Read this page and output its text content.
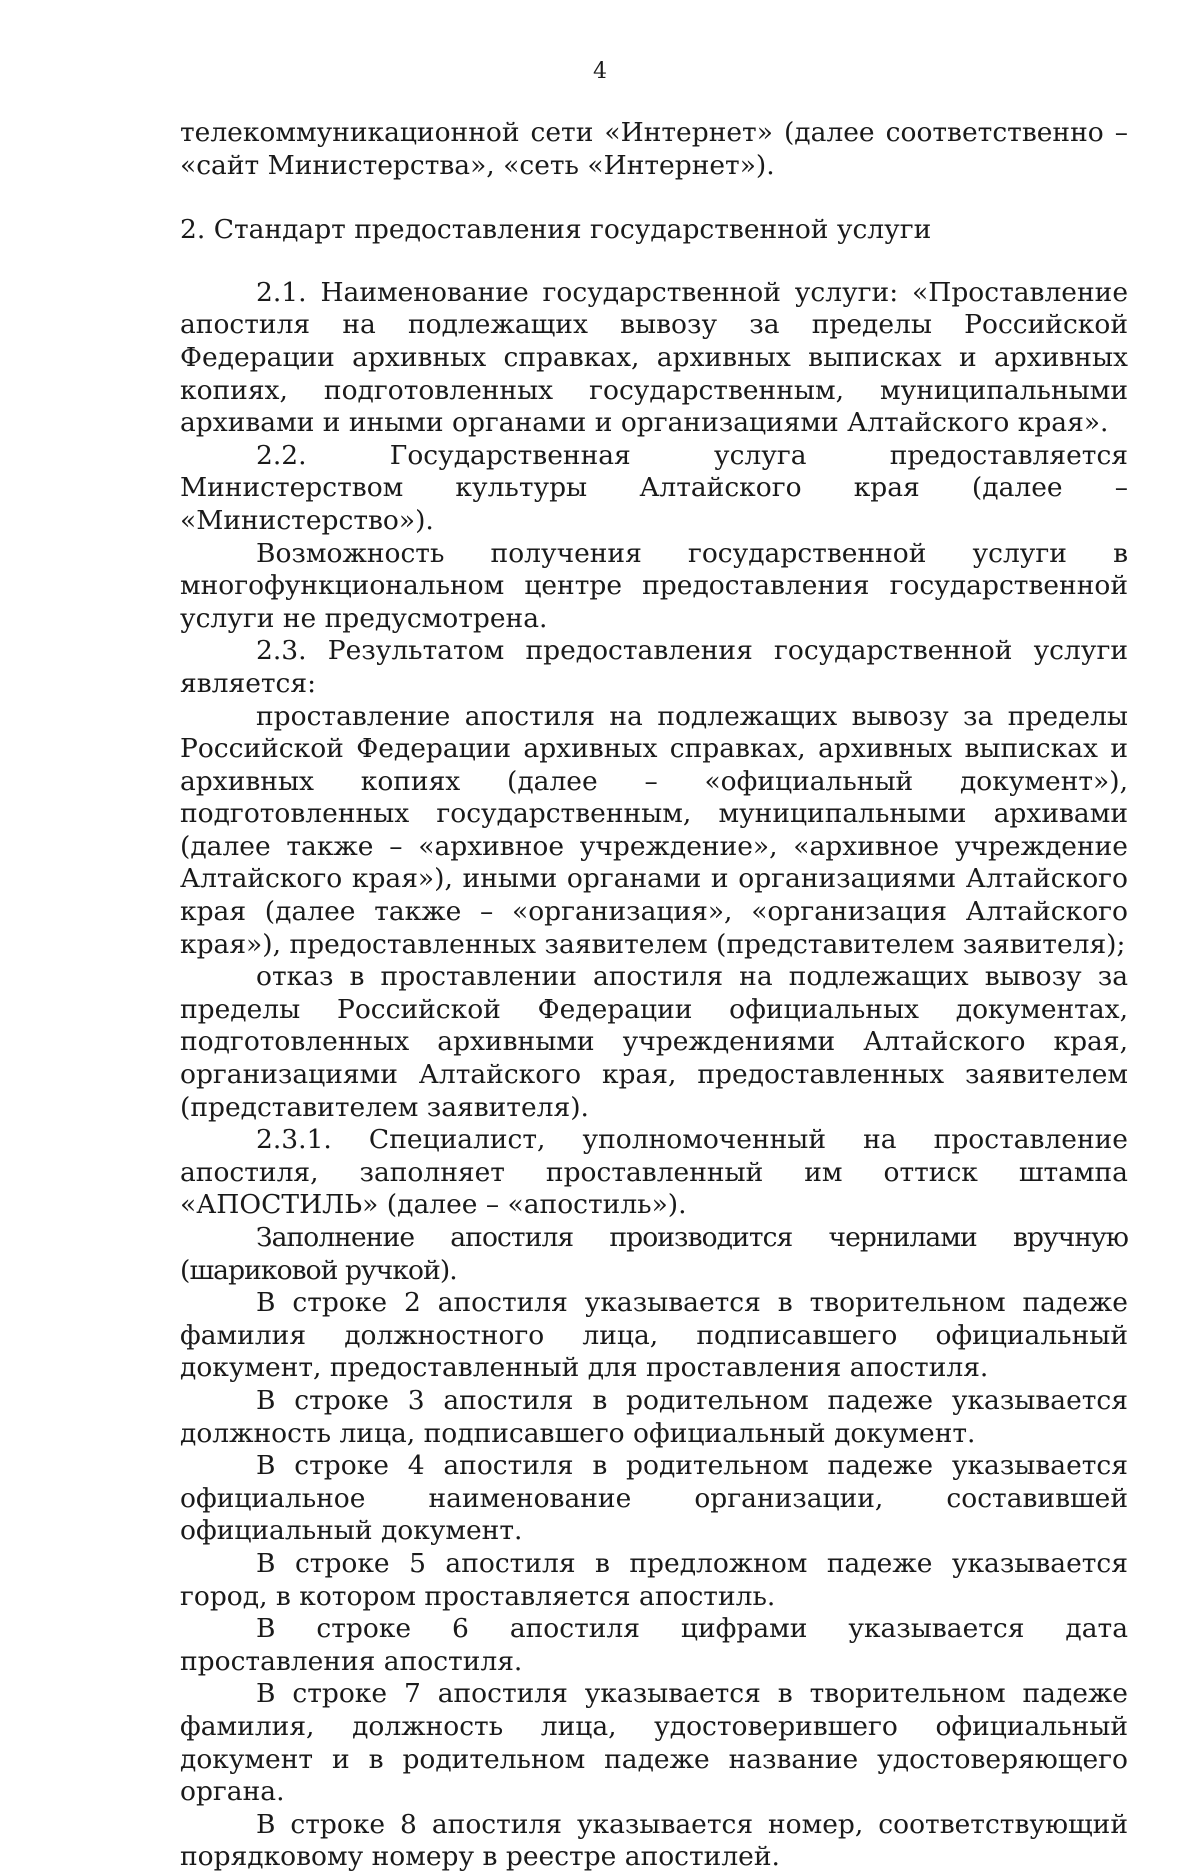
4

телекоммуникационной сети «Интернет» (далее соответственно – «сайт Министерства», «сеть «Интернет»).

2. Стандарт предоставления государственной услуги

2.1. Наименование государственной услуги: «Проставление апостиля на подлежащих вывозу за пределы Российской Федерации архивных справках, архивных выписках и архивных копиях, подготовленных государственным, муниципальными архивами и иными органами и организациями Алтайского края».

2.2. Государственная услуга предоставляется Министерством культуры Алтайского края (далее – «Министерство»).

Возможность получения государственной услуги в многофункциональном центре предоставления государственной услуги не предусмотрена.

2.3. Результатом предоставления государственной услуги является:

проставление апостиля на подлежащих вывозу за пределы Российской Федерации архивных справках, архивных выписках и архивных копиях (далее – «официальный документ»), подготовленных государственным, муниципальными архивами (далее также – «архивное учреждение», «архивное учреждение Алтайского края»), иными органами и организациями Алтайского края (далее также – «организация», «организация Алтайского края»), предоставленных заявителем (представителем заявителя);

отказ в проставлении апостиля на подлежащих вывозу за пределы Российской Федерации официальных документах, подготовленных архивными учреждениями Алтайского края, организациями Алтайского края, предоставленных заявителем (представителем заявителя).

2.3.1. Специалист, уполномоченный на проставление апостиля, заполняет проставленный им оттиск штампа «АПОСТИЛЬ» (далее – «апостиль»).

Заполнение апостиля производится чернилами вручную (шариковой ручкой).

В строке 2 апостиля указывается в творительном падеже фамилия должностного лица, подписавшего официальный документ, предоставленный для проставления апостиля.

В строке 3 апостиля в родительном падеже указывается должность лица, подписавшего официальный документ.

В строке 4 апостиля в родительном падеже указывается официальное наименование организации, составившей официальный документ.

В строке 5 апостиля в предложном падеже указывается город, в котором проставляется апостиль.

В строке 6 апостиля цифрами указывается дата проставления апостиля.

В строке 7 апостиля указывается в творительном падеже фамилия, должность лица, удостоверившего официальный документ и в родительном падеже название удостоверяющего органа.

В строке 8 апостиля указывается номер, соответствующий порядковому номеру в реестре апостилей.
